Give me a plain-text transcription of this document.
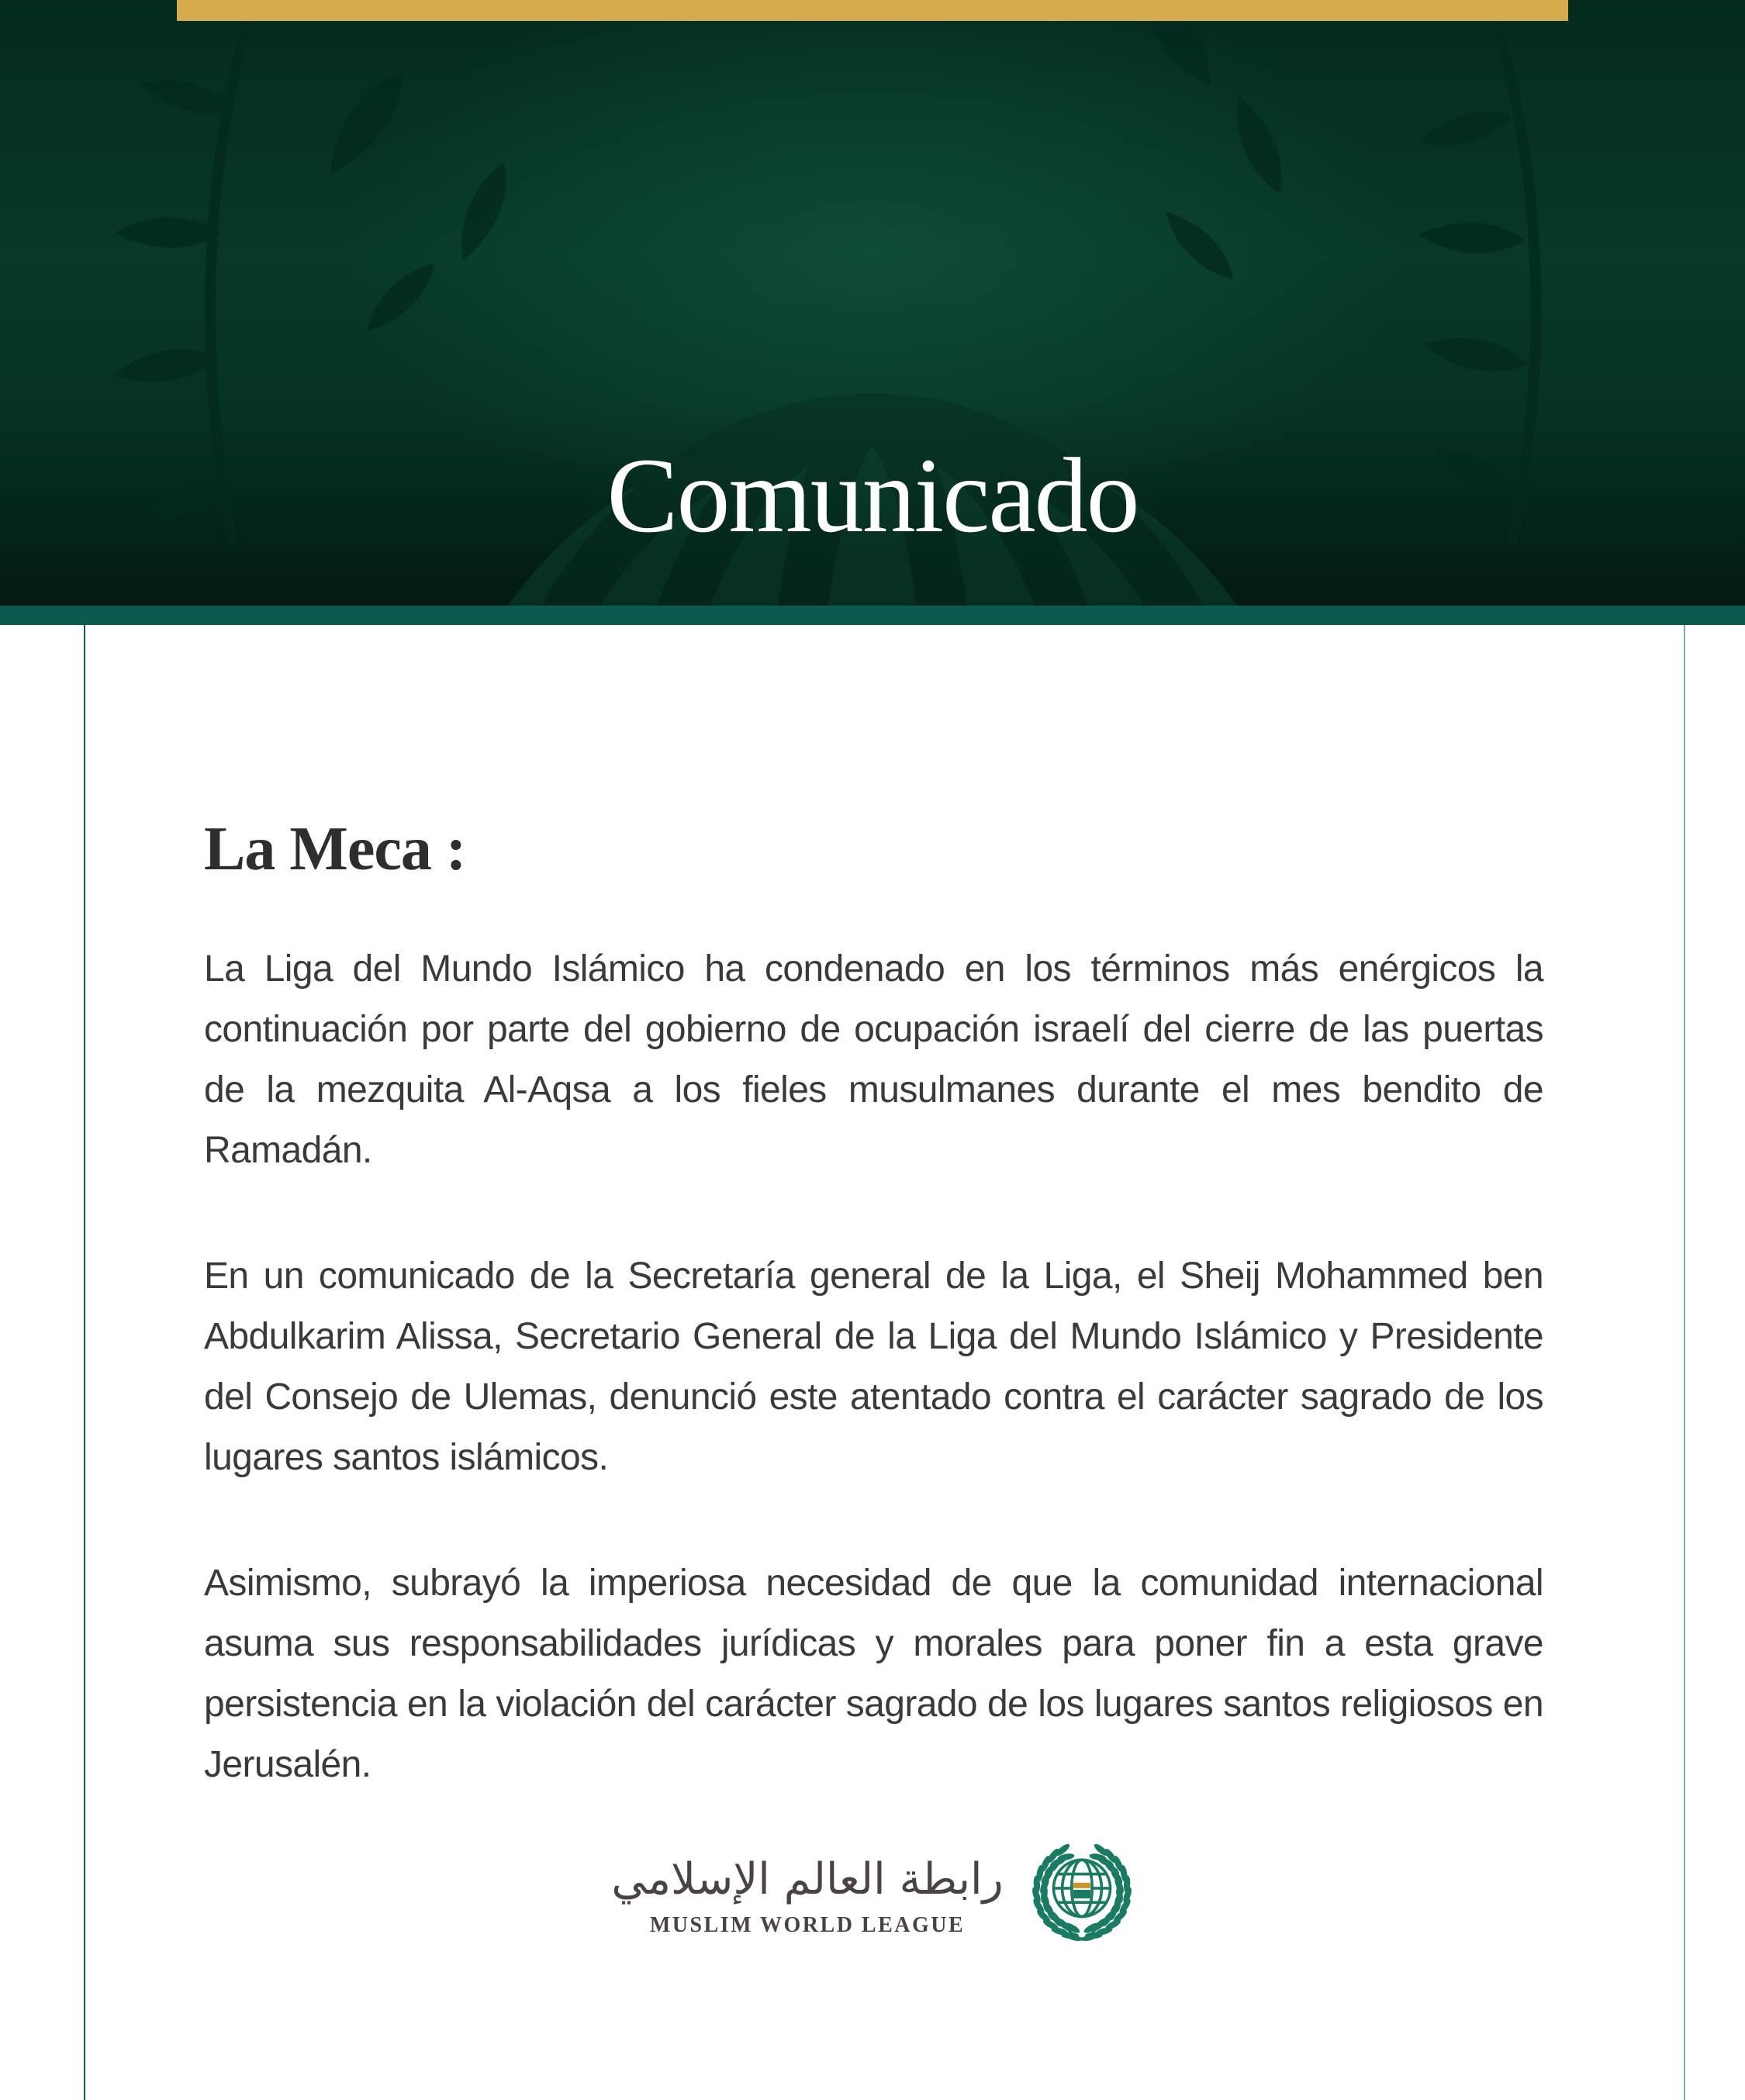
Comunicado
La Meca :

La Liga del Mundo Islámico ha condenado en los términos más enérgicos la continuación por parte del gobierno de ocupación israelí del cierre de las puertas de la mezquita Al-Aqsa a los fieles musulmanes durante el mes bendito de Ramadán.

En un comunicado de la Secretaría general de la Liga, el Sheij Mohammed ben Abdulkarim Alissa, Secretario General de la Liga del Mundo Islámico y Presidente del Consejo de Ulemas, denunció este atentado contra el carácter sagrado de los lugares santos islámicos.

Asimismo, subrayó la imperiosa necesidad de que la comunidad internacional asuma sus responsabilidades jurídicas y morales para poner fin a esta grave persistencia en la violación del carácter sagrado de los lugares santos religiosos en Jerusalén.

رابطة العالم الإسلامي
MUSLIM WORLD LEAGUE
